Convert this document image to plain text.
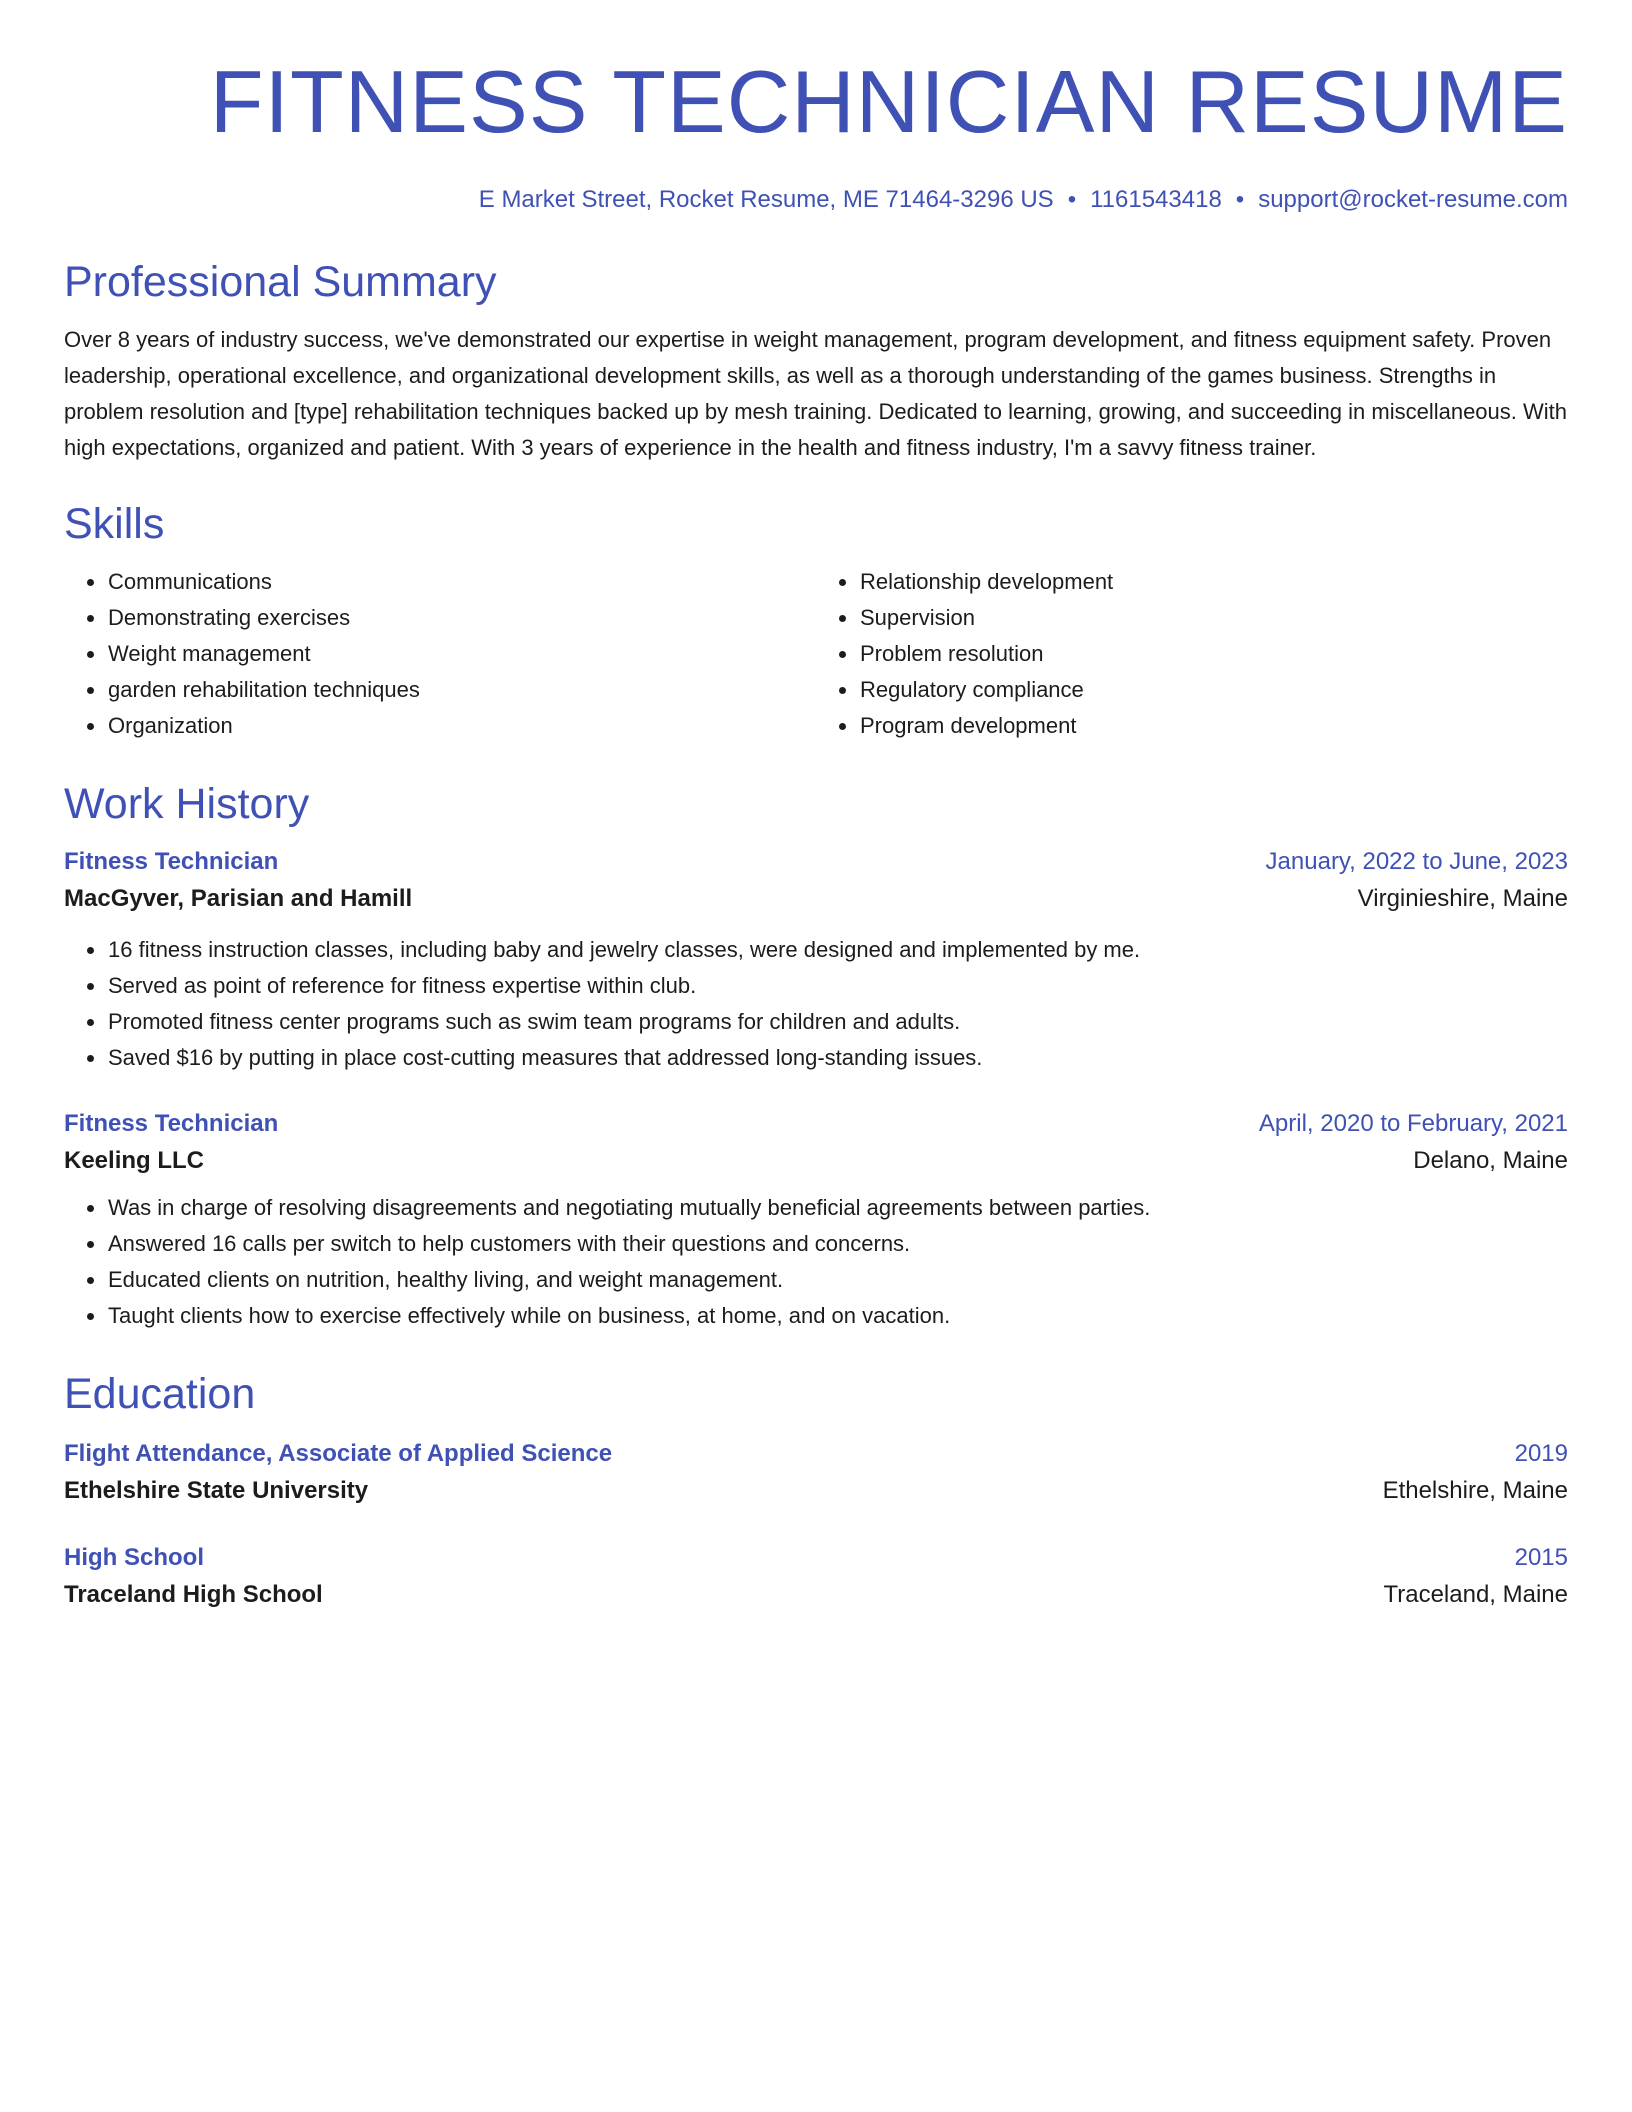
FITNESS TECHNICIAN RESUME
E Market Street, Rocket Resume, ME 71464-3296 US • 1161543418 • support@rocket-resume.com
Professional Summary

Over 8 years of industry success, we've demonstrated our expertise in weight management, program development, and fitness equipment safety. Proven leadership, operational excellence, and organizational development skills, as well as a thorough understanding of the games business. Strengths in problem resolution and [type] rehabilitation techniques backed up by mesh training. Dedicated to learning, growing, and succeeding in miscellaneous. With high expectations, organized and patient. With 3 years of experience in the health and fitness industry, I'm a savvy fitness trainer.

Skills
• Communications
• Demonstrating exercises
• Weight management
• garden rehabilitation techniques
• Organization
• Relationship development
• Supervision
• Problem resolution
• Regulatory compliance
• Program development
Work History
Fitness Technician	January, 2022 to June, 2023
MacGyver, Parisian and Hamill	Virginieshire, Maine
• 16 fitness instruction classes, including baby and jewelry classes, were designed and implemented by me.
• Served as point of reference for fitness expertise within club.
• Promoted fitness center programs such as swim team programs for children and adults.
• Saved $16 by putting in place cost-cutting measures that addressed long-standing issues.
Fitness Technician	April, 2020 to February, 2021
Keeling LLC	Delano, Maine
• Was in charge of resolving disagreements and negotiating mutually beneficial agreements between parties.
• Answered 16 calls per switch to help customers with their questions and concerns.
• Educated clients on nutrition, healthy living, and weight management.
• Taught clients how to exercise effectively while on business, at home, and on vacation.
Education
Flight Attendance, Associate of Applied Science	2019
Ethelshire State University	Ethelshire, Maine
High School	2015
Traceland High School	Traceland, Maine
